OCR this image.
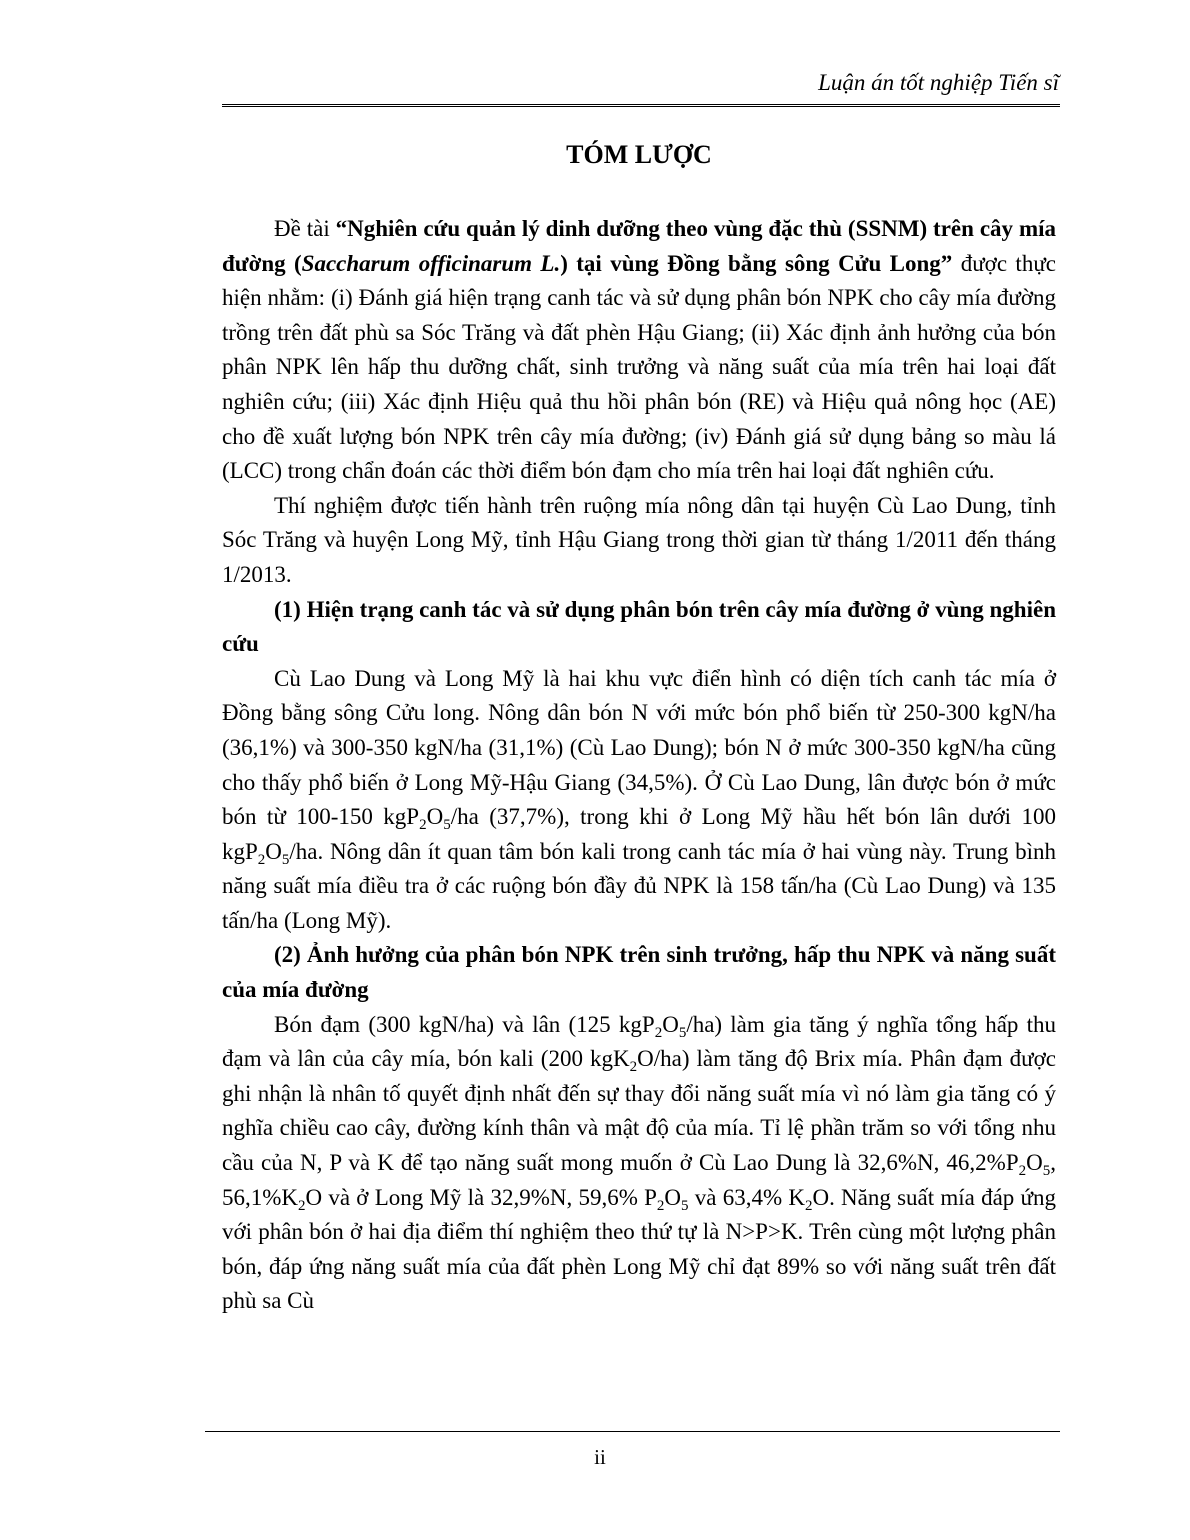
Luận án tốt nghiệp Tiến sĩ
TÓM LƯỢC

Đề tài “Nghiên cứu quản lý dinh dưỡng theo vùng đặc thù (SSNM) trên cây mía đường (Saccharum officinarum L.) tại vùng Đồng bằng sông Cửu Long” được thực hiện nhằm: (i) Đánh giá hiện trạng canh tác và sử dụng phân bón NPK cho cây mía đường trồng trên đất phù sa Sóc Trăng và đất phèn Hậu Giang; (ii) Xác định ảnh hưởng của bón phân NPK lên hấp thu dưỡng chất, sinh trưởng và năng suất của mía trên hai loại đất nghiên cứu; (iii) Xác định Hiệu quả thu hồi phân bón (RE) và Hiệu quả nông học (AE) cho đề xuất lượng bón NPK trên cây mía đường; (iv) Đánh giá sử dụng bảng so màu lá (LCC) trong chẩn đoán các thời điểm bón đạm cho mía trên hai loại đất nghiên cứu.

Thí nghiệm được tiến hành trên ruộng mía nông dân tại huyện Cù Lao Dung, tỉnh Sóc Trăng và huyện Long Mỹ, tỉnh Hậu Giang trong thời gian từ tháng 1/2011 đến tháng 1/2013.

(1) Hiện trạng canh tác và sử dụng phân bón trên cây mía đường ở vùng nghiên cứu

Cù Lao Dung và Long Mỹ là hai khu vực điển hình có diện tích canh tác mía ở Đồng bằng sông Cửu long. Nông dân bón N với mức bón phổ biến từ 250-300 kgN/ha (36,1%) và 300-350 kgN/ha (31,1%) (Cù Lao Dung); bón N ở mức 300-350 kgN/ha cũng cho thấy phổ biến ở Long Mỹ-Hậu Giang (34,5%). Ở Cù Lao Dung, lân được bón ở mức bón từ 100-150 $kgP_2O_5/ha$ (37,7%), trong khi ở Long Mỹ hầu hết bón lân dưới 100 $kgP_2O_5/ha$. Nông dân ít quan tâm bón kali trong canh tác mía ở hai vùng này. Trung bình năng suất mía điều tra ở các ruộng bón đầy đủ NPK là 158 tấn/ha (Cù Lao Dung) và 135 tấn/ha (Long Mỹ).

(2) Ảnh hưởng của phân bón NPK trên sinh trưởng, hấp thu NPK và năng suất của mía đường

Bón đạm (300 kgN/ha) và lân (125 $kgP_2O_5/ha$) làm gia tăng ý nghĩa tổng hấp thu đạm và lân của cây mía, bón kali (200 kgK$_2$O/ha) làm tăng độ Brix mía. Phân đạm được ghi nhận là nhân tố quyết định nhất đến sự thay đổi năng suất mía vì nó làm gia tăng có ý nghĩa chiều cao cây, đường kính thân và mật độ của mía. Tỉ lệ phần trăm so với tổng nhu cầu của N, P và K để tạo năng suất mong muốn ở Cù Lao Dung là 32,6%N, $46,2\%P_2O_5$, $56,1\%K_2O$ và ở Long Mỹ là 32,9%N, 59,6% $P_2O_5$ và 63,4% $K_2O$. Năng suất mía đáp ứng với phân bón ở hai địa điểm thí nghiệm theo thứ tự là N>P>K. Trên cùng một lượng phân bón, đáp ứng năng suất mía của đất phèn Long Mỹ chỉ đạt 89% so với năng suất trên đất phù sa Cù

ii
